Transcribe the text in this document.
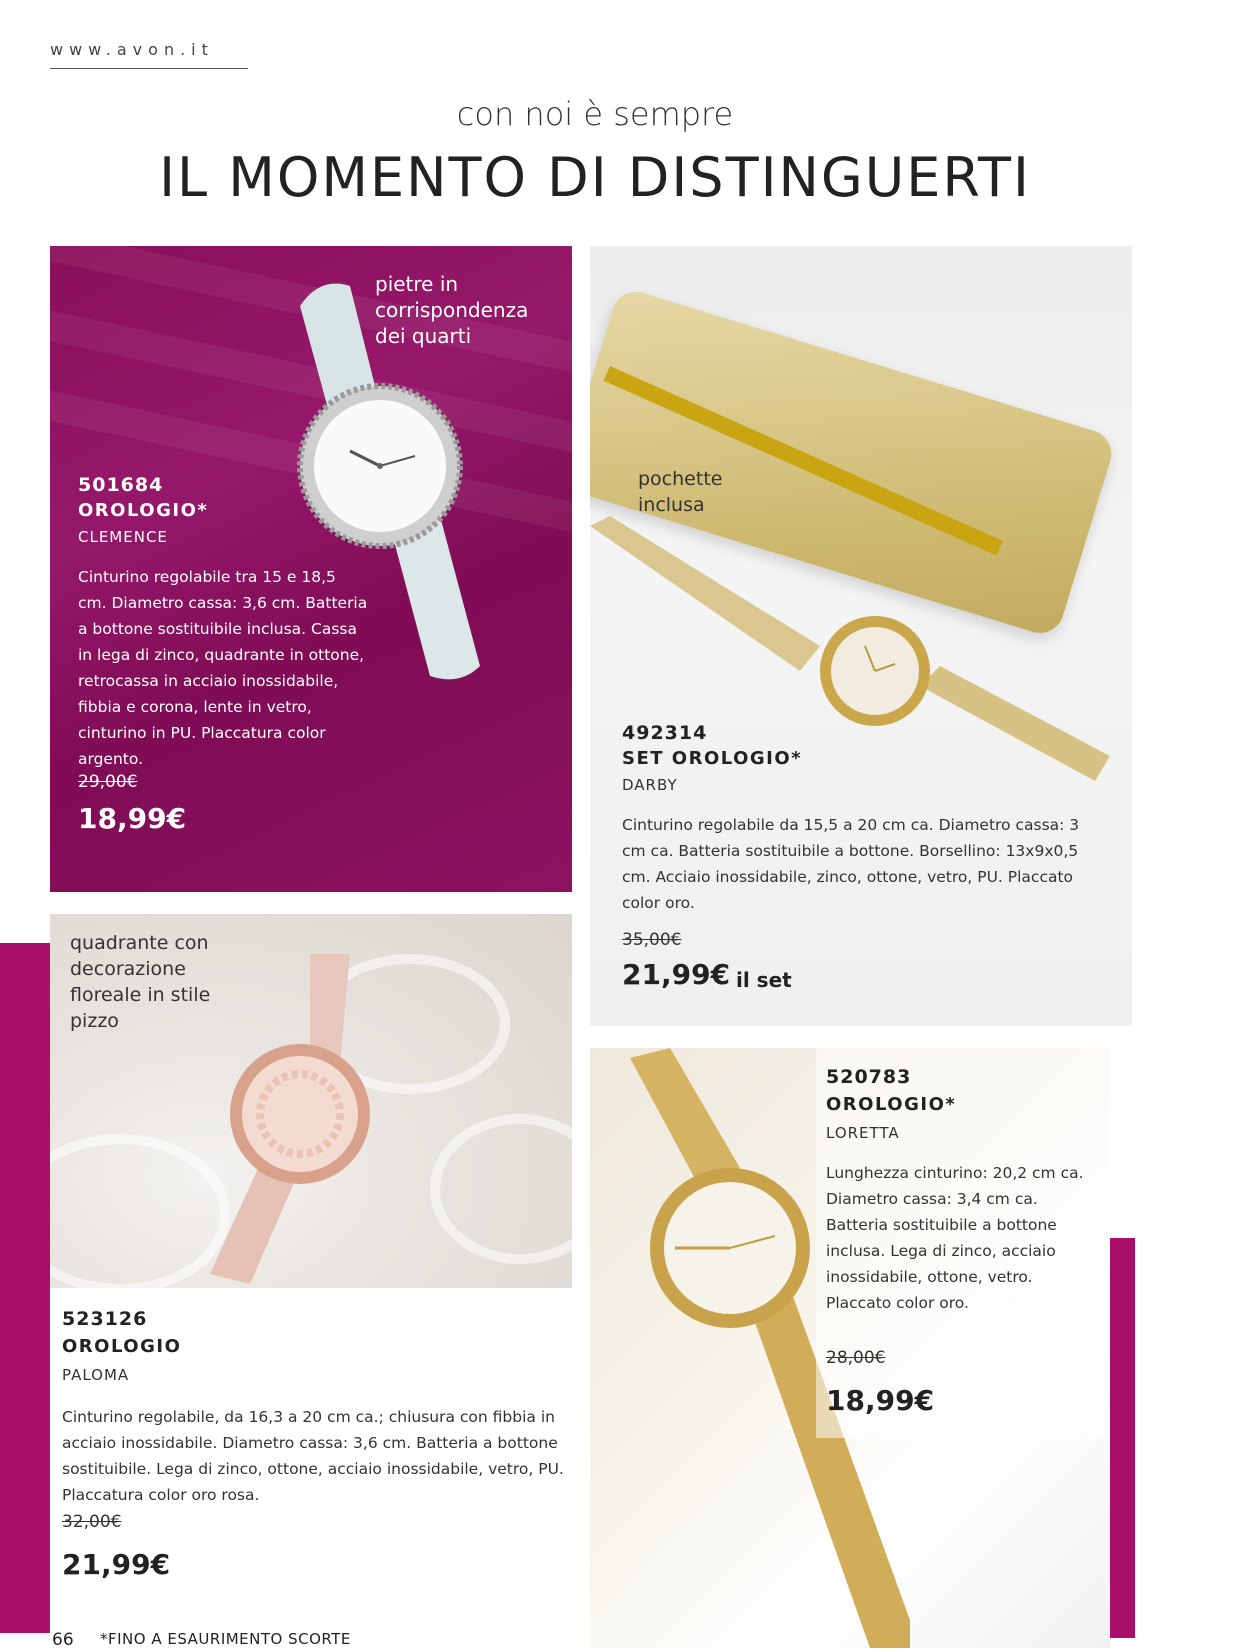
www.avon.it
con noi è sempre
IL MOMENTO DI DISTINGUERTI
pietre in corrispondenza dei quarti
501684
OROLOGIO*
CLEMENCE
Cinturino regolabile tra 15 e 18,5 cm. Diametro cassa: 3,6 cm. Batteria a bottone sostituibile inclusa. Cassa in lega di zinco, quadrante in ottone, retrocassa in acciaio inossidabile, fibbia e corona, lente in vetro, cinturino in PU. Placcatura color argento.
29,00€
18,99€
pochette inclusa
492314
SET OROLOGIO*
DARBY
Cinturino regolabile da 15,5 a 20 cm ca. Diametro cassa: 3 cm ca. Batteria sostituibile a bottone. Borsellino: 13x9x0,5 cm. Acciaio inossidabile, zinco, ottone, vetro, PU. Placcato color oro.
35,00€
21,99€ il set
quadrante con decorazione floreale in stile pizzo
523126
OROLOGIO
PALOMA
Cinturino regolabile, da 16,3 a 20 cm ca.; chiusura con fibbia in acciaio inossidabile. Diametro cassa: 3,6 cm. Batteria a bottone sostituibile. Lega di zinco, ottone, acciaio inossidabile, vetro, PU. Placcatura color oro rosa.
32,00€
21,99€
520783
OROLOGIO*
LORETTA
Lunghezza cinturino: 20,2 cm ca. Diametro cassa: 3,4 cm ca. Batteria sostituibile a bottone inclusa. Lega di zinco, acciaio inossidabile, ottone, vetro. Placcato color oro.
28,00€
18,99€
66 *FINO A ESAURIMENTO SCORTE
